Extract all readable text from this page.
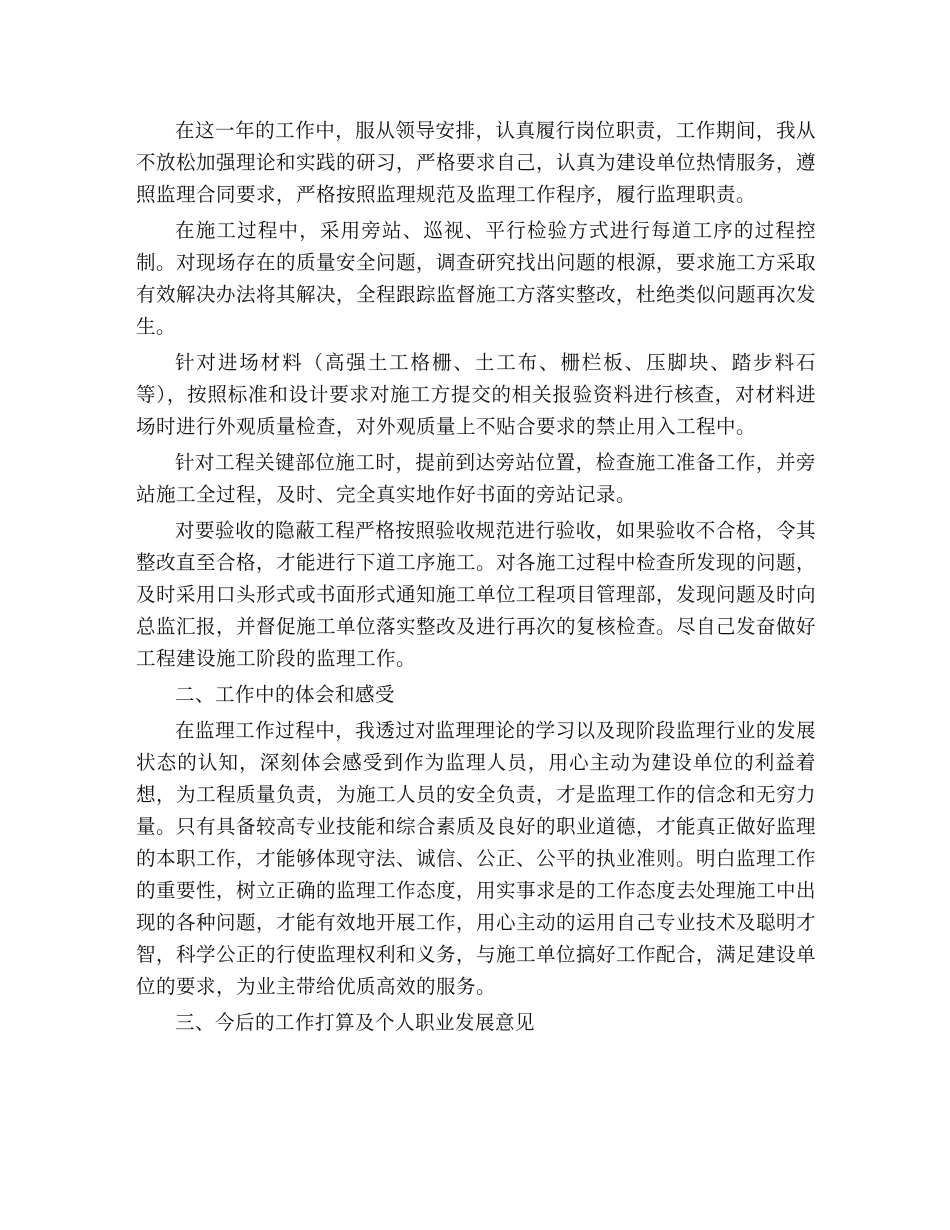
在这一年的工作中，服从领导安排，认真履行岗位职责，工作期间，我从不放松加强理论和实践的研习，严格要求自己，认真为建设单位热情服务，遵照监理合同要求，严格按照监理规范及监理工作程序，履行监理职责。

在施工过程中，采用旁站、巡视、平行检验方式进行每道工序的过程控制。对现场存在的质量安全问题，调查研究找出问题的根源，要求施工方采取有效解决办法将其解决，全程跟踪监督施工方落实整改，杜绝类似问题再次发生。

针对进场材料（高强土工格栅、土工布、栅栏板、压脚块、踏步料石等），按照标准和设计要求对施工方提交的相关报验资料进行核查，对材料进场时进行外观质量检查，对外观质量上不贴合要求的禁止用入工程中。

针对工程关键部位施工时，提前到达旁站位置，检查施工准备工作，并旁站施工全过程，及时、完全真实地作好书面的旁站记录。

对要验收的隐蔽工程严格按照验收规范进行验收，如果验收不合格，令其整改直至合格，才能进行下道工序施工。对各施工过程中检查所发现的问题，及时采用口头形式或书面形式通知施工单位工程项目管理部，发现问题及时向总监汇报，并督促施工单位落实整改及进行再次的复核检查。尽自己发奋做好工程建设施工阶段的监理工作。

二、工作中的体会和感受

在监理工作过程中，我透过对监理理论的学习以及现阶段监理行业的发展状态的认知，深刻体会感受到作为监理人员，用心主动为建设单位的利益着想，为工程质量负责，为施工人员的安全负责，才是监理工作的信念和无穷力量。只有具备较高专业技能和综合素质及良好的职业道德，才能真正做好监理的本职工作，才能够体现守法、诚信、公正、公平的执业准则。明白监理工作的重要性，树立正确的监理工作态度，用实事求是的工作态度去处理施工中出现的各种问题，才能有效地开展工作，用心主动的运用自己专业技术及聪明才智，科学公正的行使监理权利和义务，与施工单位搞好工作配合，满足建设单位的要求，为业主带给优质高效的服务。

三、今后的工作打算及个人职业发展意见
